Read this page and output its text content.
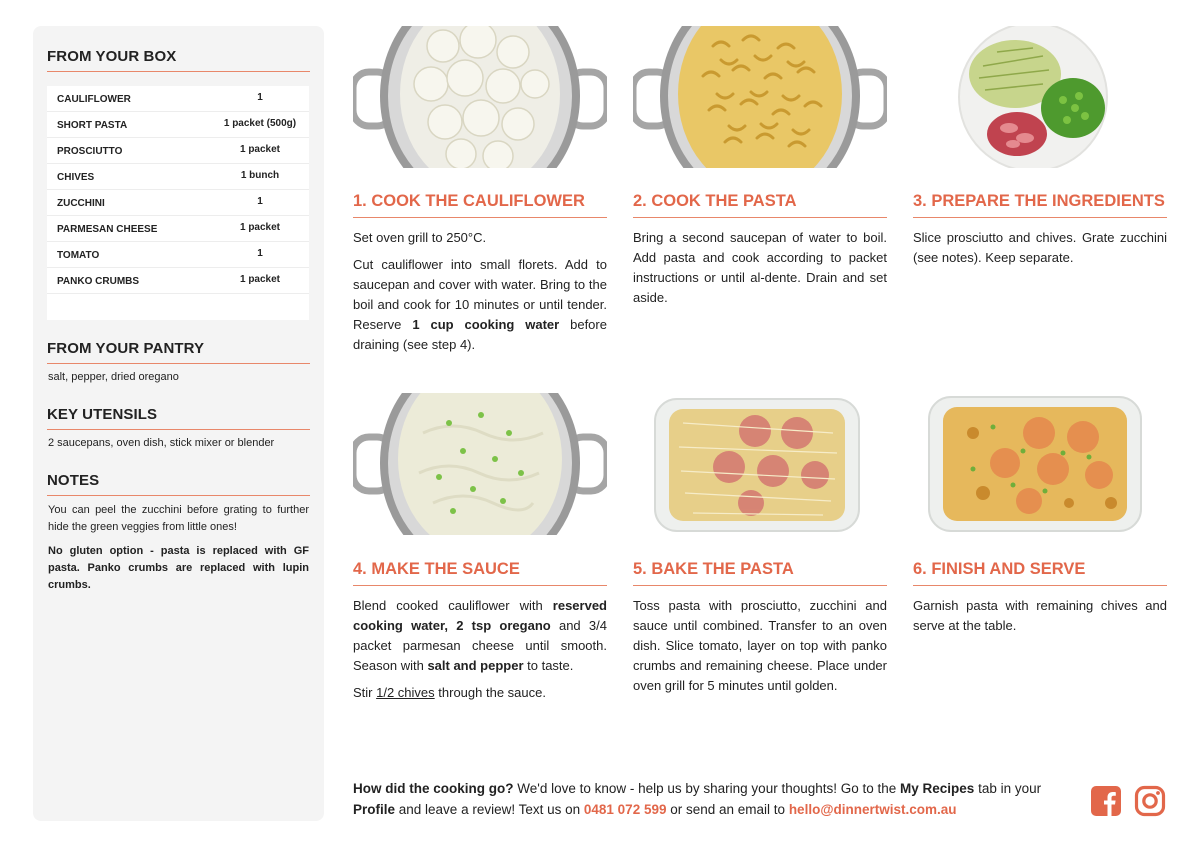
FROM YOUR BOX
CAULIFLOWER	1
SHORT PASTA	1 packet (500g)
PROSCIUTTO	1 packet
CHIVES	1 bunch
ZUCCHINI	1
PARMESAN CHEESE	1 packet
TOMATO	1
PANKO CRUMBS	1 packet
FROM YOUR PANTRY
salt, pepper, dried oregano
KEY UTENSILS
2 saucepans, oven dish, stick mixer or blender
NOTES
You can peel the zucchini before grating to further hide the green veggies from little ones!
No gluten option - pasta is replaced with GF pasta. Panko crumbs are replaced with lupin crumbs.
1. COOK THE CAULIFLOWER	2. COOK THE PASTA	3. PREPARE THE INGREDIENTS
4. MAKE THE SAUCE	5. BAKE THE PASTA	6. FINISH AND SERVE

Set oven grill to 250°C.

Cut cauliflower into small florets. Add to saucepan and cover with water. Bring to the boil and cook for 10 minutes or until tender. Reserve 1 cup cooking water before draining (see step 4).

Bring a second saucepan of water to boil. Add pasta and cook according to packet instructions or until al-dente. Drain and set aside.

Slice prosciutto and chives. Grate zucchini (see notes). Keep separate.

Blend cooked cauliflower with reserved cooking water, 2 tsp oregano and 3/4 packet parmesan cheese until smooth. Season with salt and pepper to taste.

Stir 1/2 chives through the sauce.

Toss pasta with prosciutto, zucchini and sauce until combined. Transfer to an oven dish. Slice tomato, layer on top with panko crumbs and remaining cheese. Place under oven grill for 5 minutes until golden.

Garnish pasta with remaining chives and serve at the table.

How did the cooking go? We'd love to know - help us by sharing your thoughts! Go to the My Recipes tab in your Profile and leave a review! Text us on 0481 072 599 or send an email to hello@dinnertwist.com.au
